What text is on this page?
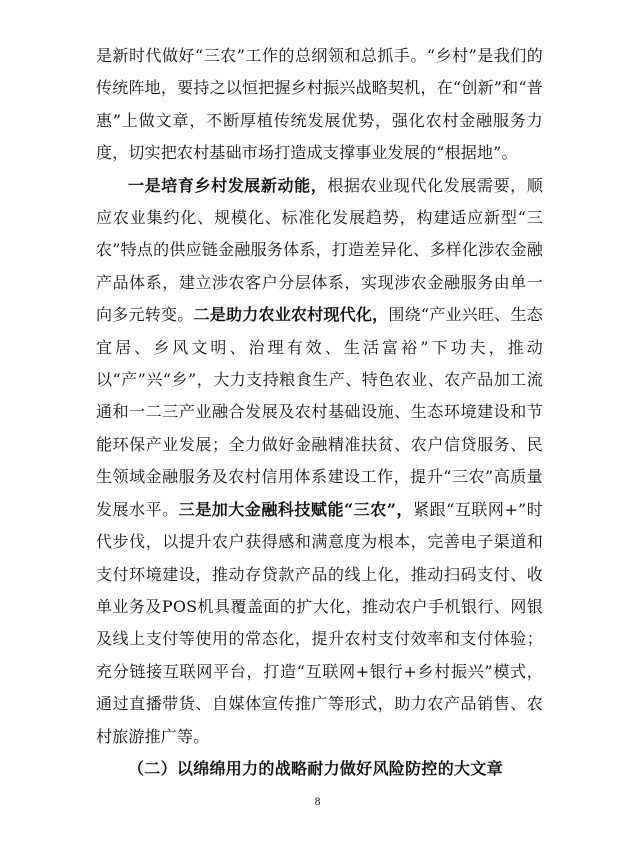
是新时代做好“三农”工作的总纲领和总抓手。“乡村”是我们的传统阵地，要持之以恒把握乡村振兴战略契机，在“创新”和“普惠”上做文章，不断厚植传统发展优势，强化农村金融服务力度，切实把农村基础市场打造成支撑事业发展的“根据地”。

一是培育乡村发展新动能，根据农业现代化发展需要，顺应农业集约化、规模化、标准化发展趋势，构建适应新型“三农”特点的供应链金融服务体系，打造差异化、多样化涉农金融产品体系，建立涉农客户分层体系，实现涉农金融服务由单一向多元转变。二是助力农业农村现代化，围绕“产业兴旺、生态宜居、乡风文明、治理有效、生活富裕”下功夫，推动以“产”兴“乡”，大力支持粮食生产、特色农业、农产品加工流通和一二三产业融合发展及农村基础设施、生态环境建设和节能环保产业发展；全力做好金融精准扶贫、农户信贷服务、民生领域金融服务及农村信用体系建设工作，提升“三农”高质量发展水平。三是加大金融科技赋能“三农”，紧跟“互联网+”时代步伐，以提升农户获得感和满意度为根本，完善电子渠道和支付环境建设，推动存贷款产品的线上化，推动扫码支付、收单业务及POS机具覆盖面的扩大化，推动农户手机银行、网银及线上支付等使用的常态化，提升农村支付效率和支付体验；充分链接互联网平台，打造“互联网+银行+乡村振兴”模式，通过直播带货、自媒体宣传推广等形式，助力农产品销售、农村旅游推广等。

（二）以绵绵用力的战略耐力做好风险防控的大文章

8
